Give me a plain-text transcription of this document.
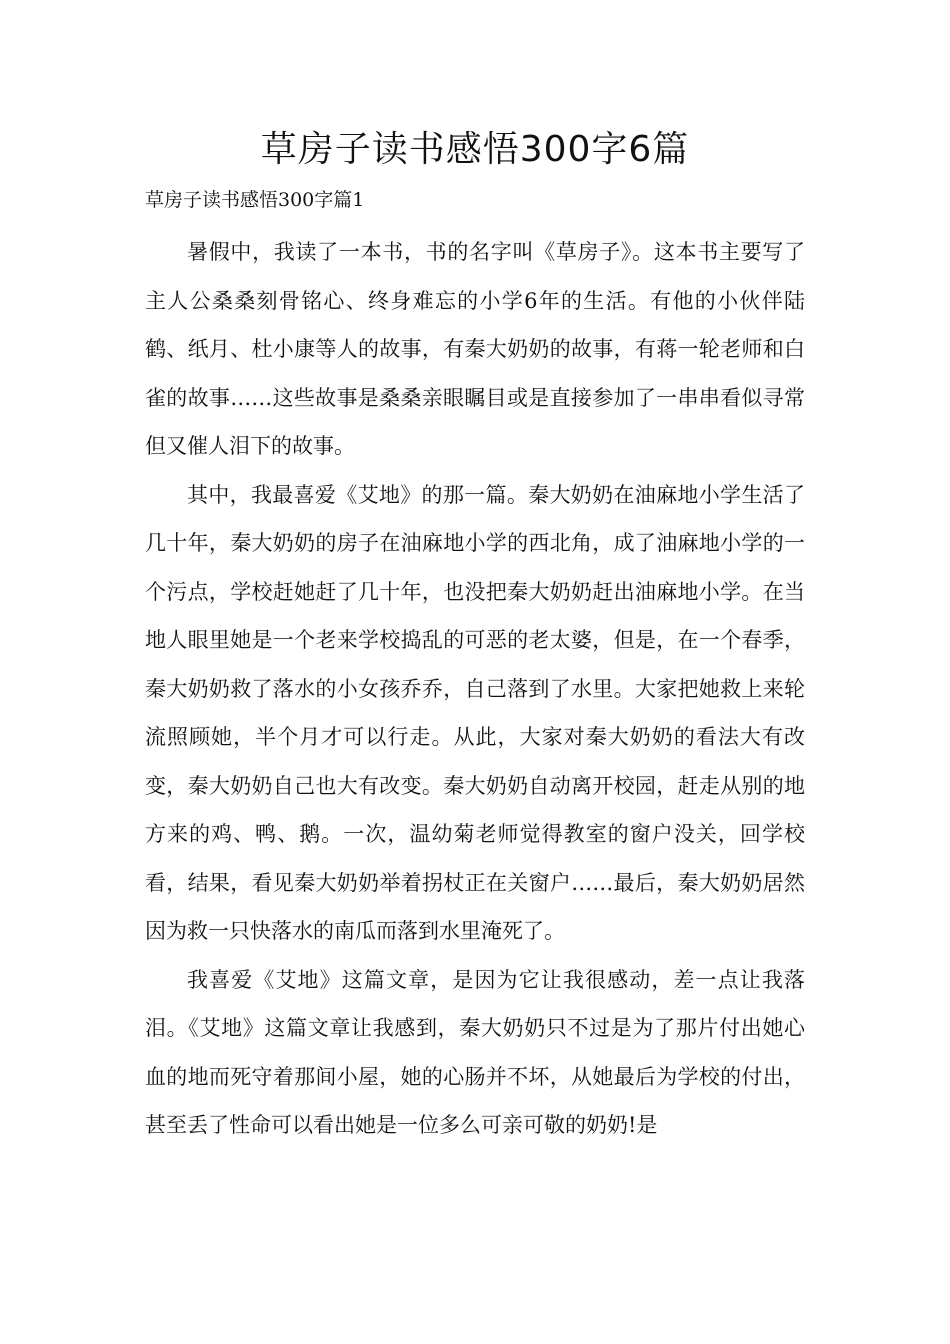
草房子读书感悟300字6篇
草房子读书感悟300字篇1

暑假中，我读了一本书，书的名字叫《草房子》。这本书主要写了主人公桑桑刻骨铭心、终身难忘的小学6年的生活。有他的小伙伴陆鹤、纸月、杜小康等人的故事，有秦大奶奶的故事，有蒋一轮老师和白雀的故事……这些故事是桑桑亲眼瞩目或是直接参加了一串串看似寻常但又催人泪下的故事。

其中，我最喜爱《艾地》的那一篇。秦大奶奶在油麻地小学生活了几十年，秦大奶奶的房子在油麻地小学的西北角，成了油麻地小学的一个污点，学校赶她赶了几十年，也没把秦大奶奶赶出油麻地小学。在当地人眼里她是一个老来学校捣乱的可恶的老太婆，但是，在一个春季，秦大奶奶救了落水的小女孩乔乔，自己落到了水里。大家把她救上来轮流照顾她，半个月才可以行走。从此，大家对秦大奶奶的看法大有改变，秦大奶奶自己也大有改变。秦大奶奶自动离开校园，赶走从别的地方来的鸡、鸭、鹅。一次，温幼菊老师觉得教室的窗户没关，回学校看，结果，看见秦大奶奶举着拐杖正在关窗户……最后，秦大奶奶居然因为救一只快落水的南瓜而落到水里淹死了。

我喜爱《艾地》这篇文章，是因为它让我很感动，差一点让我落泪。《艾地》这篇文章让我感到，秦大奶奶只不过是为了那片付出她心血的地而死守着那间小屋，她的心肠并不坏，从她最后为学校的付出，甚至丢了性命可以看出她是一位多么可亲可敬的奶奶!是
